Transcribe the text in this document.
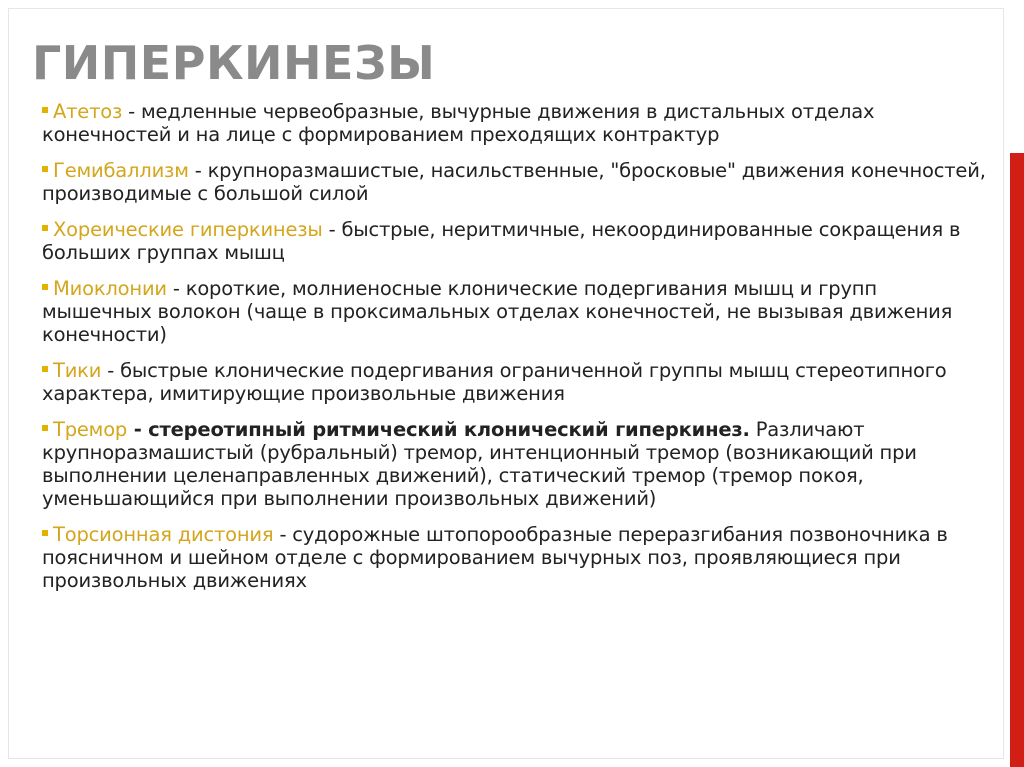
ГИПЕРКИНЕЗЫ
Атетоз - медленные червеобразные, вычурные движения в дистальных отделах конечностей и на лице с формированием преходящих контрактур
Гемибаллизм - крупноразмашистые, насильственные, "бросковые" движения конечностей, производимые с большой силой
Хореические гиперкинезы - быстрые, неритмичные, некоординированные сокращения в больших группах мышц
Миоклонии - короткие, молниеносные клонические подергивания мышц и групп мышечных волокон (чаще в проксимальных отделах конечностей, не вызывая движения конечности)
Тики - быстрые клонические подергивания ограниченной группы мышц стереотипного характера, имитирующие произвольные движения
Тремор - стереотипный ритмический клонический гиперкинез. Различают крупноразмашистый (рубральный) тремор, интенционный тремор (возникающий при выполнении целенаправленных движений), статический тремор (тремор покоя, уменьшающийся при выполнении произвольных движений)
Торсионная дистония - судорожные штопорообразные переразгибания позвоночника в поясничном и шейном отделе с формированием вычурных поз, проявляющиеся при произвольных движениях
